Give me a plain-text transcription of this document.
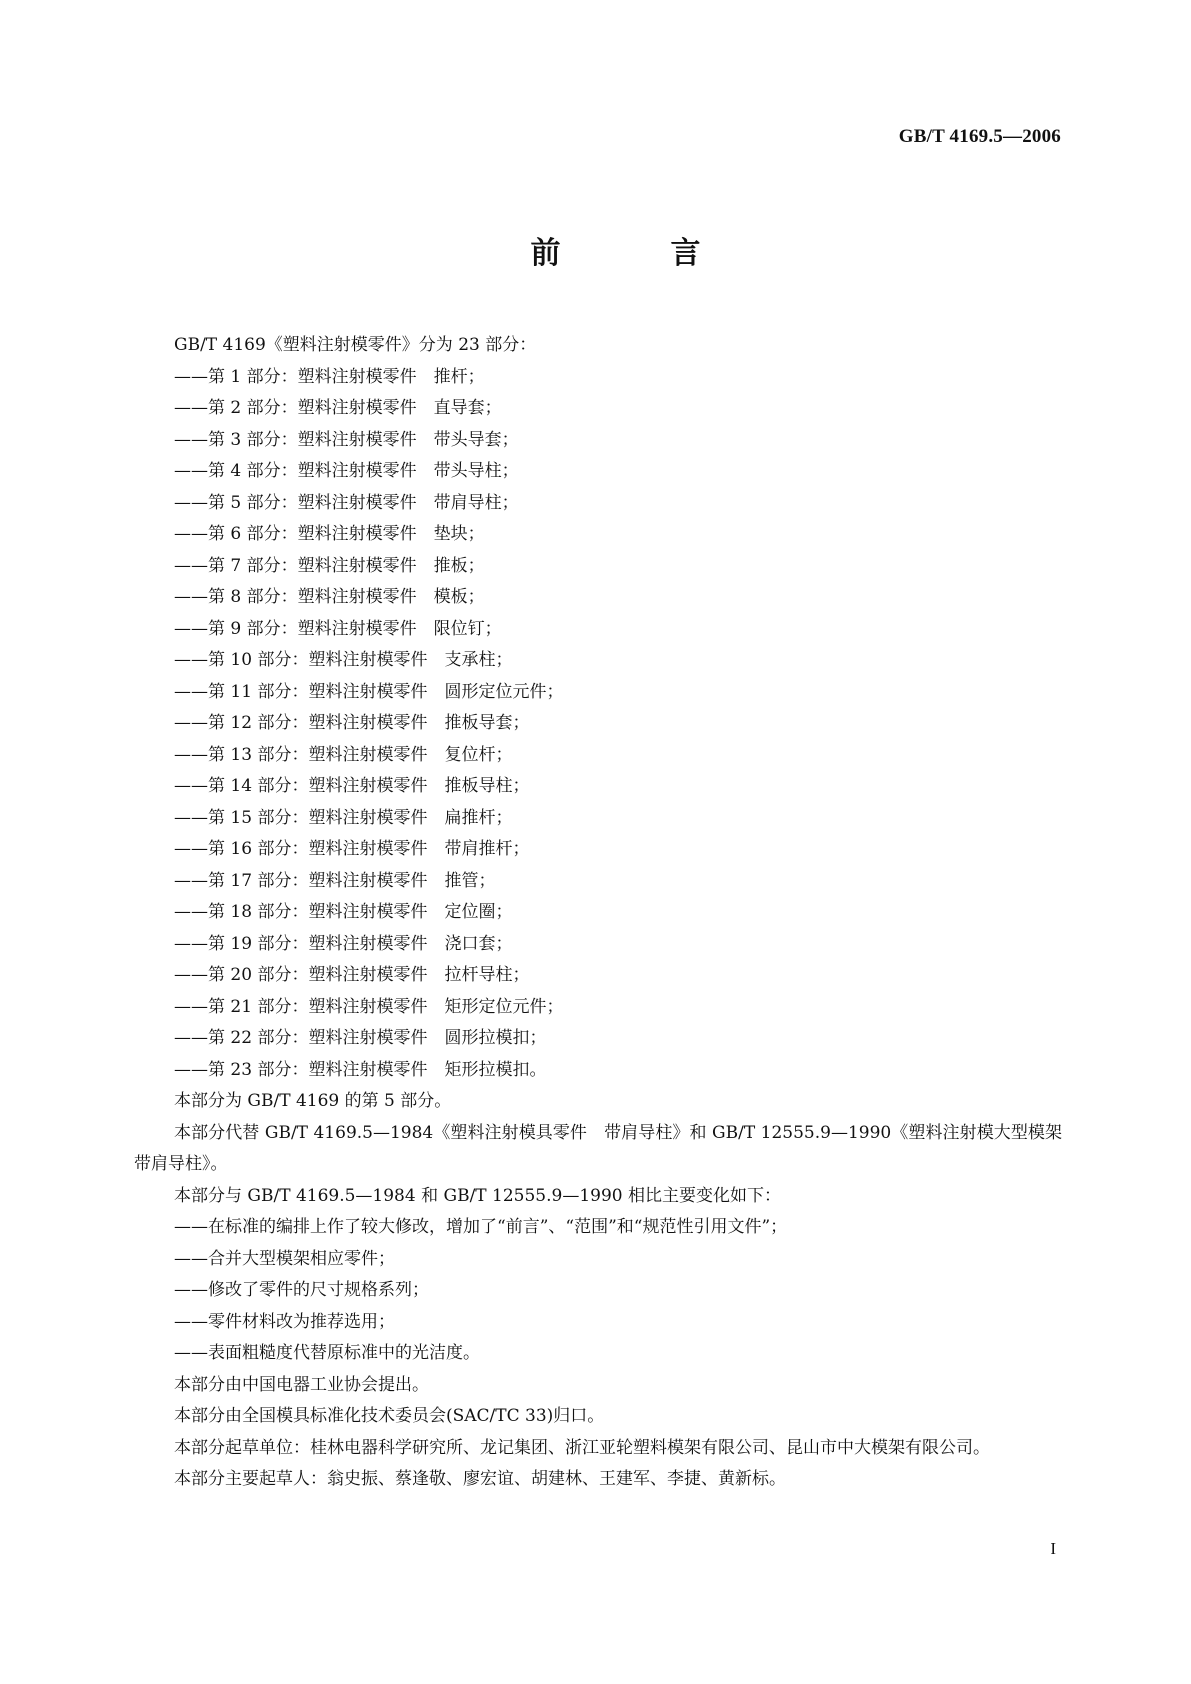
GB/T 4169.5—2006
前　言
GB/T 4169《塑料注射模零件》分为 23 部分：
——第 1 部分：塑料注射模零件　推杆；
——第 2 部分：塑料注射模零件　直导套；
——第 3 部分：塑料注射模零件　带头导套；
——第 4 部分：塑料注射模零件　带头导柱；
——第 5 部分：塑料注射模零件　带肩导柱；
——第 6 部分：塑料注射模零件　垫块；
——第 7 部分：塑料注射模零件　推板；
——第 8 部分：塑料注射模零件　模板；
——第 9 部分：塑料注射模零件　限位钉；
——第 10 部分：塑料注射模零件　支承柱；
——第 11 部分：塑料注射模零件　圆形定位元件；
——第 12 部分：塑料注射模零件　推板导套；
——第 13 部分：塑料注射模零件　复位杆；
——第 14 部分：塑料注射模零件　推板导柱；
——第 15 部分：塑料注射模零件　扁推杆；
——第 16 部分：塑料注射模零件　带肩推杆；
——第 17 部分：塑料注射模零件　推管；
——第 18 部分：塑料注射模零件　定位圈；
——第 19 部分：塑料注射模零件　浇口套；
——第 20 部分：塑料注射模零件　拉杆导柱；
——第 21 部分：塑料注射模零件　矩形定位元件；
——第 22 部分：塑料注射模零件　圆形拉模扣；
——第 23 部分：塑料注射模零件　矩形拉模扣。
本部分为 GB/T 4169 的第 5 部分。
本部分代替 GB/T 4169.5—1984《塑料注射模具零件　带肩导柱》和 GB/T 12555.9—1990《塑料注射模大型模架　带肩导柱》。
本部分与 GB/T 4169.5—1984 和 GB/T 12555.9—1990 相比主要变化如下：
——在标准的编排上作了较大修改，增加了“前言”、“范围”和“规范性引用文件”；
——合并大型模架相应零件；
——修改了零件的尺寸规格系列；
——零件材料改为推荐选用；
——表面粗糙度代替原标准中的光洁度。
本部分由中国电器工业协会提出。
本部分由全国模具标准化技术委员会(SAC/TC 33)归口。
本部分起草单位：桂林电器科学研究所、龙记集团、浙江亚轮塑料模架有限公司、昆山市中大模架有限公司。
本部分主要起草人：翁史振、蔡逢敬、廖宏谊、胡建林、王建军、李捷、黄新标。
I
